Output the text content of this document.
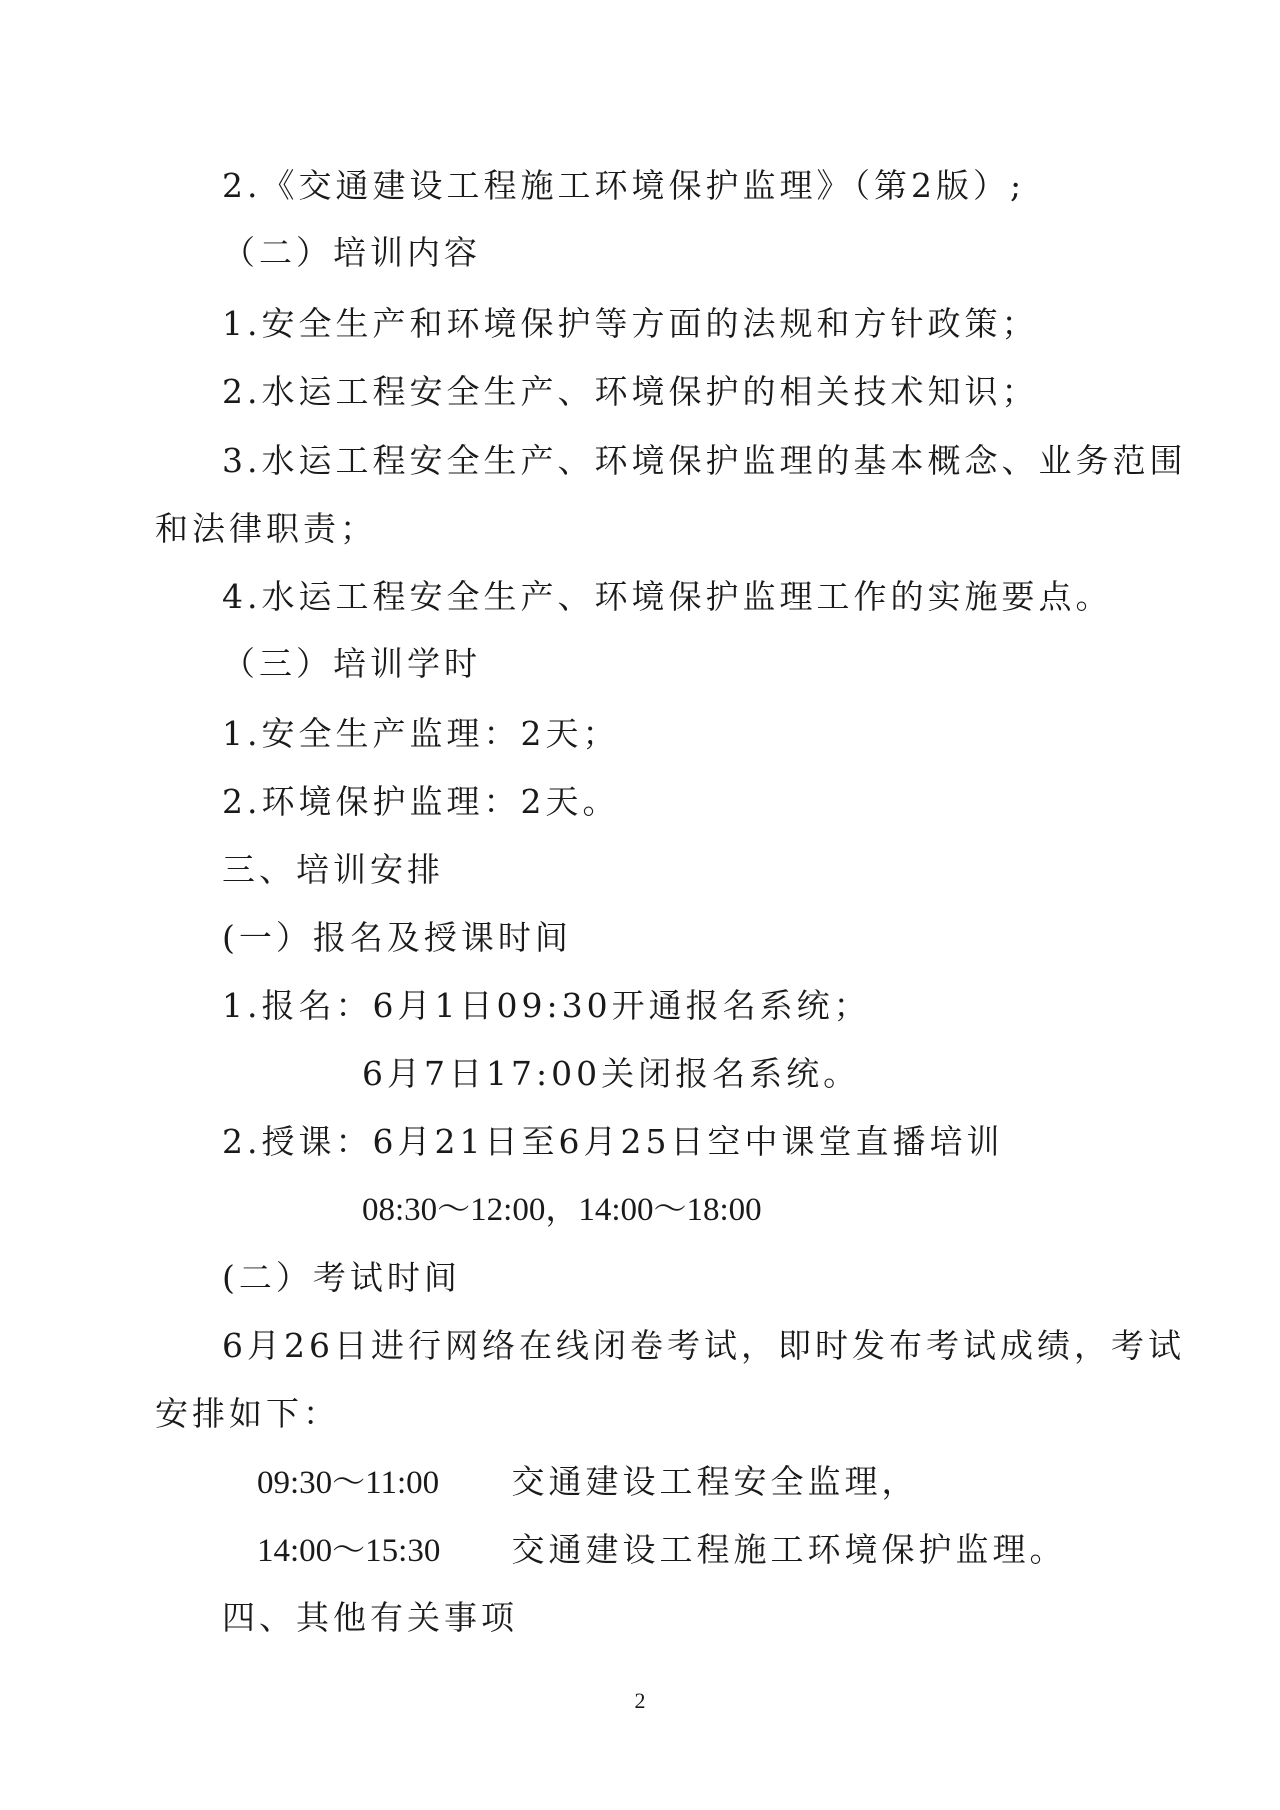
2.《交通建设工程施工环境保护监理》（第2版）;
（二）培训内容
1.安全生产和环境保护等方面的法规和方针政策；
2.水运工程安全生产、环境保护的相关技术知识；
3.水运工程安全生产、环境保护监理的基本概念、业务范围
和法律职责；
4.水运工程安全生产、环境保护监理工作的实施要点。
（三）培训学时
1.安全生产监理：2天；
2.环境保护监理：2天。
三、培训安排
(一）报名及授课时间
1.报名：6月1日09:30开通报名系统；
6月7日17:00关闭报名系统。
2.授课：6月21日至6月25日空中课堂直播培训
08:30～12:00，14:00～18:00
(二）考试时间
6月26日进行网络在线闭卷考试，即时发布考试成绩，考试
安排如下：
09:30～11:00 交通建设工程安全监理，
14:00～15:30 交通建设工程施工环境保护监理。
四、其他有关事项
2
